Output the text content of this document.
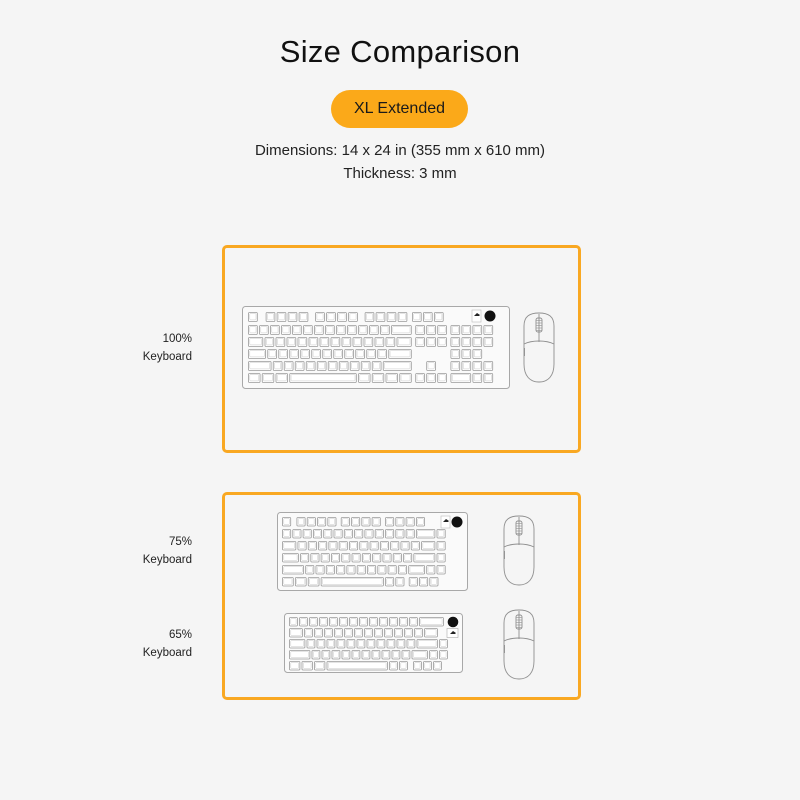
Size Comparison
XL Extended
Dimensions: 14 x 24 in (355 mm x 610 mm)
Thickness: 3 mm
100%
Keyboard
75%
Keyboard
65%
Keyboard
